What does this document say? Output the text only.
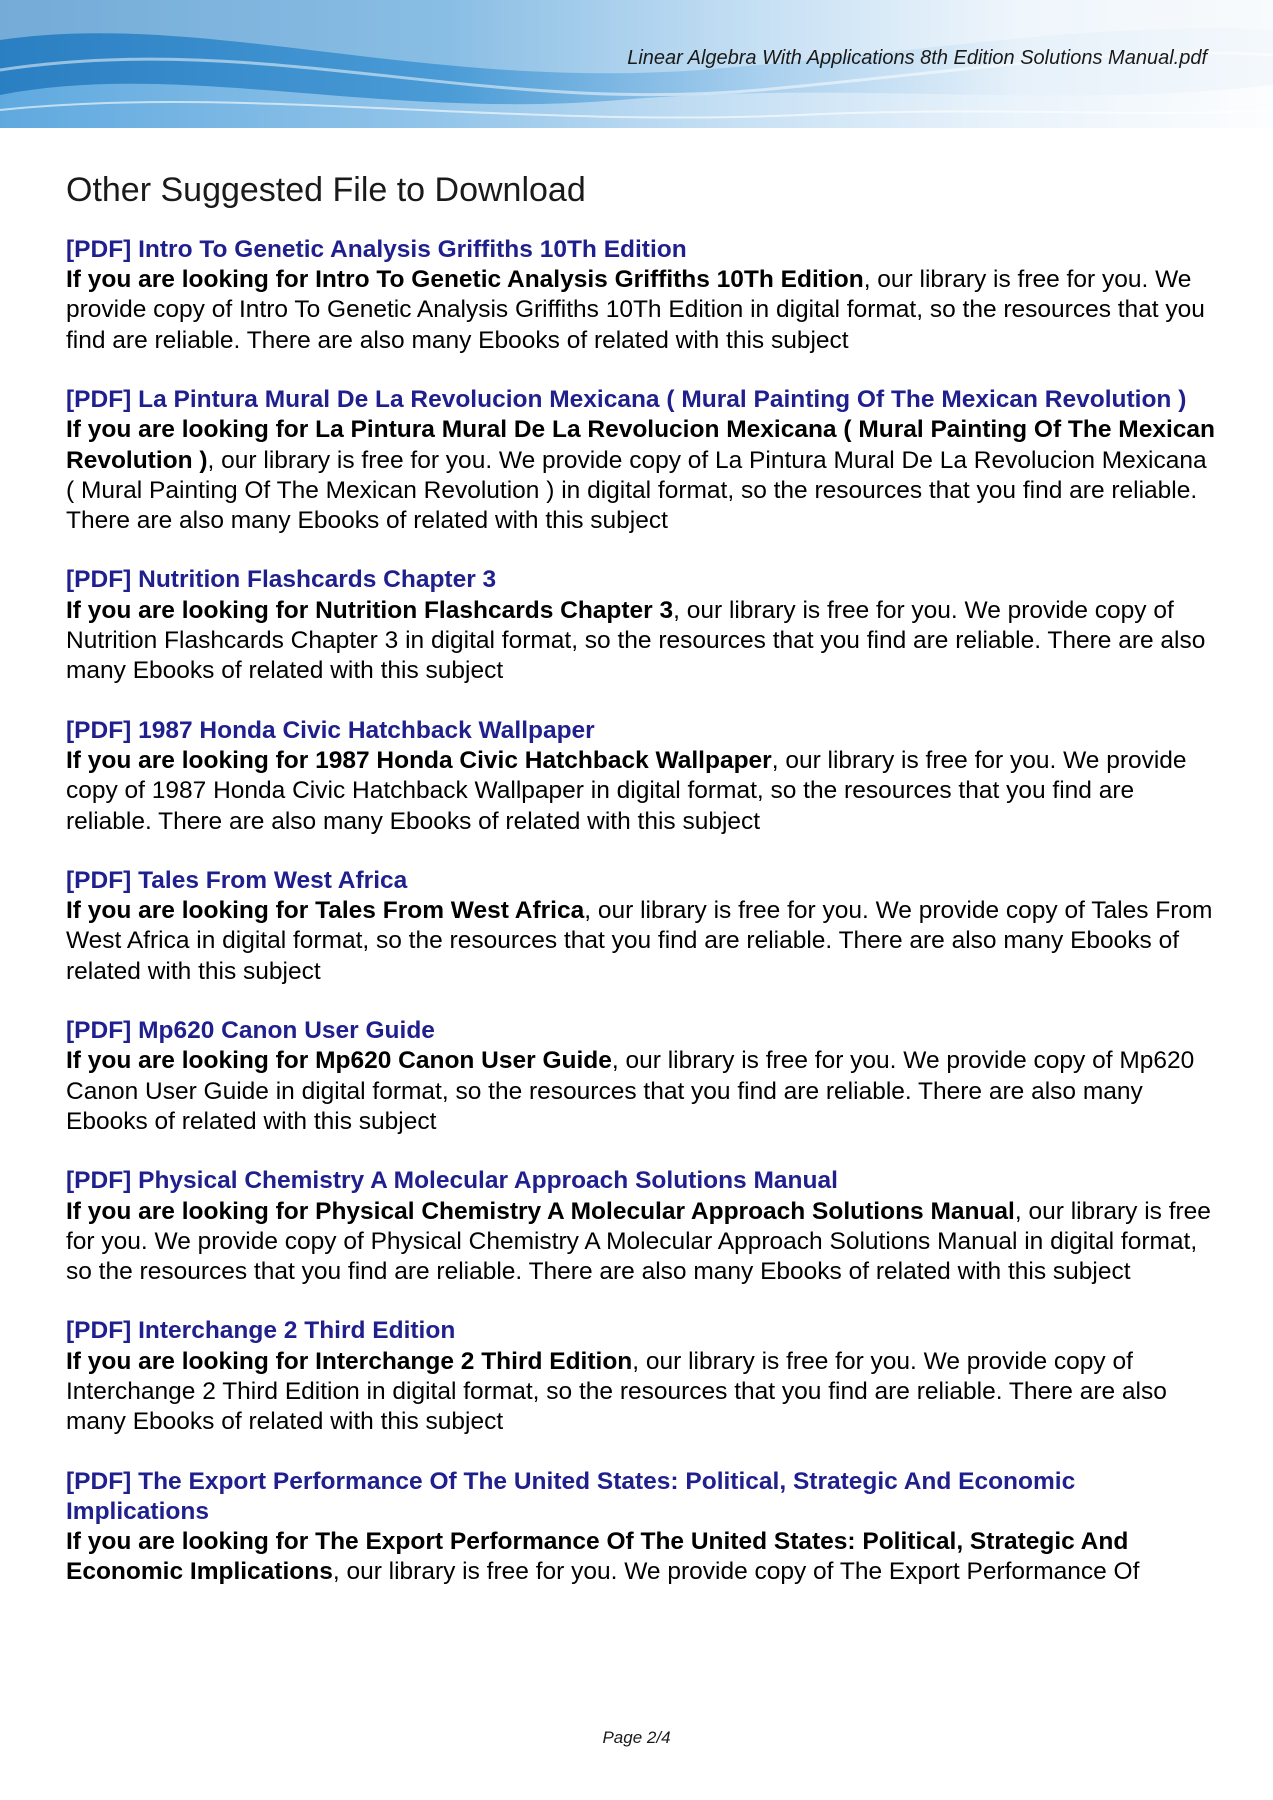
Linear Algebra With Applications 8th Edition Solutions Manual.pdf
Other Suggested File to Download
[PDF] Intro To Genetic Analysis Griffiths 10Th Edition

If you are looking for Intro To Genetic Analysis Griffiths 10Th Edition, our library is free for you. We provide copy of Intro To Genetic Analysis Griffiths 10Th Edition in digital format, so the resources that you find are reliable. There are also many Ebooks of related with this subject

[PDF] La Pintura Mural De La Revolucion Mexicana ( Mural Painting Of The Mexican Revolution )

If you are looking for La Pintura Mural De La Revolucion Mexicana ( Mural Painting Of The Mexican Revolution ), our library is free for you. We provide copy of La Pintura Mural De La Revolucion Mexicana ( Mural Painting Of The Mexican Revolution ) in digital format, so the resources that you find are reliable. There are also many Ebooks of related with this subject

[PDF] Nutrition Flashcards Chapter 3

If you are looking for Nutrition Flashcards Chapter 3, our library is free for you. We provide copy of Nutrition Flashcards Chapter 3 in digital format, so the resources that you find are reliable. There are also many Ebooks of related with this subject

[PDF] 1987 Honda Civic Hatchback Wallpaper

If you are looking for 1987 Honda Civic Hatchback Wallpaper, our library is free for you. We provide copy of 1987 Honda Civic Hatchback Wallpaper in digital format, so the resources that you find are reliable. There are also many Ebooks of related with this subject

[PDF] Tales From West Africa

If you are looking for Tales From West Africa, our library is free for you. We provide copy of Tales From West Africa in digital format, so the resources that you find are reliable. There are also many Ebooks of related with this subject

[PDF] Mp620 Canon User Guide

If you are looking for Mp620 Canon User Guide, our library is free for you. We provide copy of Mp620 Canon User Guide in digital format, so the resources that you find are reliable. There are also many Ebooks of related with this subject

[PDF] Physical Chemistry A Molecular Approach Solutions Manual

If you are looking for Physical Chemistry A Molecular Approach Solutions Manual, our library is free for you. We provide copy of Physical Chemistry A Molecular Approach Solutions Manual in digital format, so the resources that you find are reliable. There are also many Ebooks of related with this subject

[PDF] Interchange 2 Third Edition

If you are looking for Interchange 2 Third Edition, our library is free for you. We provide copy of Interchange 2 Third Edition in digital format, so the resources that you find are reliable. There are also many Ebooks of related with this subject

[PDF] The Export Performance Of The United States: Political, Strategic And Economic Implications

If you are looking for The Export Performance Of The United States: Political, Strategic And Economic Implications, our library is free for you. We provide copy of The Export Performance Of

Page 2/4
